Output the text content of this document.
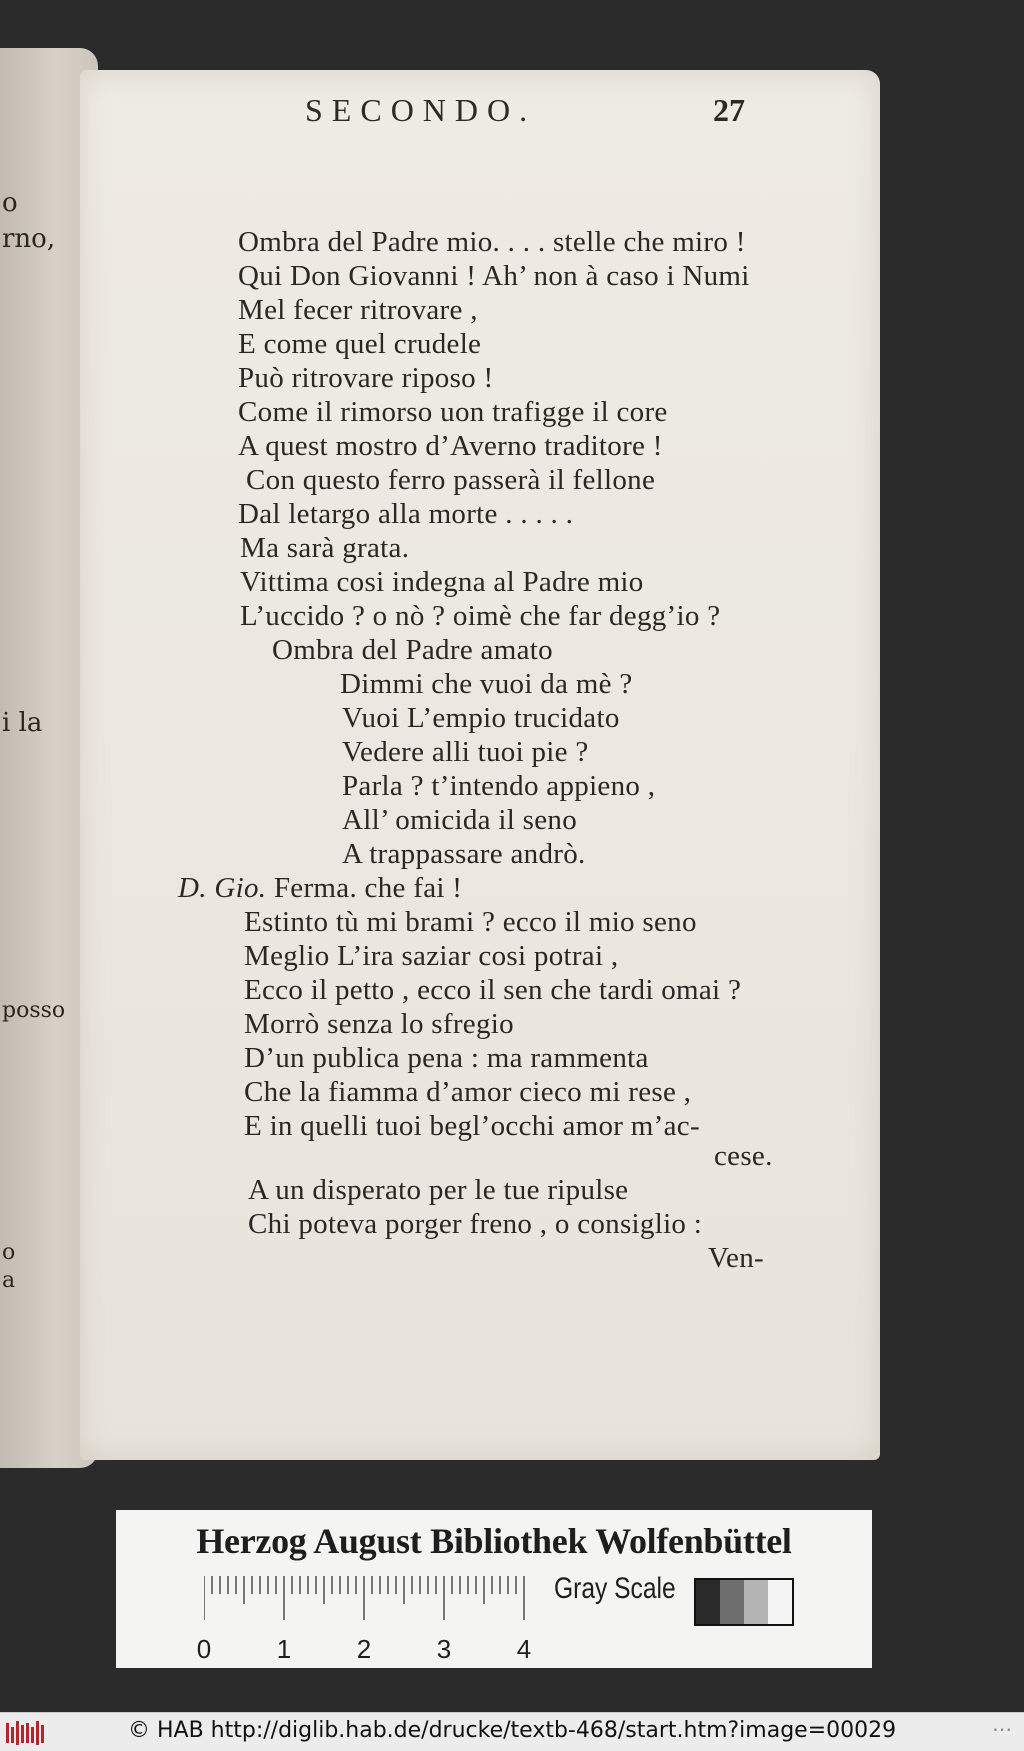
o
rno,
i la
posso
o
a
SECONDO.	27
Ombra del Padre mio. . . . stelle che miro !
Qui Don Giovanni ! Ah’ non à caso i Numi
Mel fecer ritrovare ,
E come quel crudele
Può ritrovare riposo !
Come il rimorso uon trafigge il core
A quest mostro d’Averno traditore !
Con questo ferro passerà il fellone
Dal letargo alla morte . . . . .
Ma sarà grata.
Vittima cosi indegna al Padre mio
L’uccido ? o nò ? oimè che far degg’io ?
Ombra del Padre amato
Dimmi che vuoi da mè ?
Vuoi L’empio trucidato
Vedere alli tuoi pie ?
Parla ? t’intendo appieno ,
All’ omicida il seno
A trappassare andrò.
D. Gio. Ferma. che fai !
Estinto tù mi brami ? ecco il mio seno
Meglio L’ira saziar cosi potrai ,
Ecco il petto , ecco il sen che tardi omai ?
Morrò senza lo sfregio
D’un publica pena : ma rammenta
Che la fiamma d’amor cieco mi rese ,
E in quelli tuoi begl’occhi amor m’ac-
cese.
A un disperato per le tue ripulse
Chi poteva porger freno , o consiglio :
Ven-
Herzog August Bibliothek Wolfenbüttel
0	1	2	3	4
Gray Scale
© HAB http://diglib.hab.de/drucke/textb-468/start.htm?image=00029	⋯
